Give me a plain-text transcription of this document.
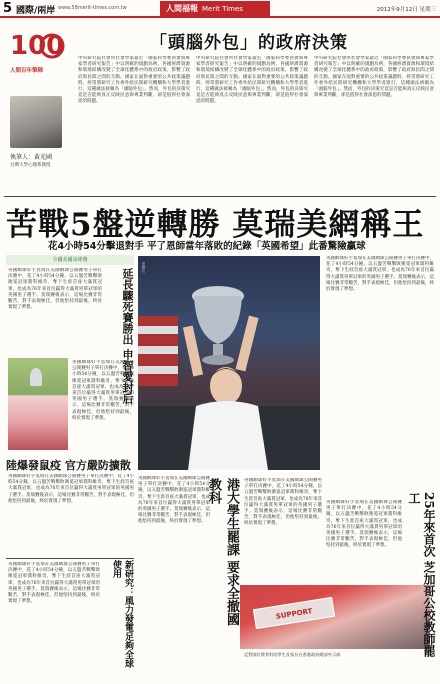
5 國際∕兩岸 www.58merit-times.com.tw	人間福報 Merit Times	2012年9月12日 星期三
100
人間百年筆陣
「頭腦外包」的政府決策
執筆人：黃光國
台灣大學心理系教授
中央研究院社會所社會學家最近「國家科學委員會與專家學者研究報告」中以明確的規劃為例，各國經濟資源和環境結構改變了全球化體系中的政府政策，影響了政府與民間之間的互動。國家在面對重要的公共政策議題時，經常將研究工作委外給民間研究機構和大學學者進行，這種做法被稱為「頭腦外包」。然而，外包的決策究竟是否能夠真正反映民意與專業判斷，卻是值得社會深思的問題。
中央研究院社會所社會學家最近「國家科學委員會與專家學者研究報告」中以明確的規劃為例，各國經濟資源和環境結構改變了全球化體系中的政府政策，影響了政府與民間之間的互動。國家在面對重要的公共政策議題時，經常將研究工作委外給民間研究機構和大學學者進行，這種做法被稱為「頭腦外包」。然而，外包的決策究竟是否能夠真正反映民意與專業判斷，卻是值得社會深思的問題。
中央研究院社會所社會學家最近「國家科學委員會與專家學者研究報告」中以明確的規劃為例，各國經濟資源和環境結構改變了全球化體系中的政府政策，影響了政府與民間之間的互動。國家在面對重要的公共政策議題時，經常將研究工作委外給民間研究機構和大學學者進行，這種做法被稱為「頭腦外包」。然而，外包的決策究竟是否能夠真正反映民意與專業判斷，卻是值得社會深思的問題。
苦戰5盤逆轉勝 莫瑞美網稱王
花4小時54分擊退對手 平了恩師當年落敗的紀錄「英國希望」此番驚險贏球
全國美國高球賽
延長驟死賽勝出 申智愛封后
英國網球好手莫瑞在美國網球公開賽男子單打決賽中，花了4小時54分鐘，以五盤苦戰擊敗衛冕冠軍喬科維奇，奪下生涯首座大滿貫冠軍，也成為76年來首位贏得大滿貫男單冠軍的英國男子選手。莫瑞賽後表示，這場比賽非常艱苦，對手表現極佳，但他堅持到最後，終於實現了夢想。
英國網球好手莫瑞在美國網球公開賽男子單打決賽中，花了4小時54分鐘，以五盤苦戰擊敗衛冕冠軍喬科維奇，奪下生涯首座大滿貫冠軍，也成為76年來首位贏得大滿貫男單冠軍的英國男子選手。莫瑞賽後表示，這場比賽非常艱苦，對手表現極佳，但他堅持到最後，終於實現了夢想。
陸爆發鼠疫 官方嚴防擴散
英國網球好手莫瑞在美國網球公開賽男子單打決賽中，花了4小時54分鐘，以五盤苦戰擊敗衛冕冠軍喬科維奇，奪下生涯首座大滿貫冠軍，也成為76年來首位贏得大滿貫男單冠軍的英國男子選手。莫瑞賽後表示，這場比賽非常艱苦，對手表現極佳，但他堅持到最後，終於實現了夢想。
英國網球好手莫瑞在美國網球公開賽男子單打決賽中，花了4小時54分鐘，以五盤苦戰擊敗衛冕冠軍喬科維奇，奪下生涯首座大滿貫冠軍，也成為76年來首位贏得大滿貫男單冠軍的英國男子選手。莫瑞賽後表示，這場比賽非常艱苦，對手表現極佳，但他堅持到最後，終於實現了夢想。	新研究：風力發電足夠全球使用
美聯社
英國網球好手莫瑞在美國網球公開賽男子單打決賽中，花了4小時54分鐘，以五盤苦戰擊敗衛冕冠軍喬科維奇，奪下生涯首座大滿貫冠軍，也成為76年來首位贏得大滿貫男單冠軍的英國男子選手。莫瑞賽後表示，這場比賽非常艱苦，對手表現極佳，但他堅持到最後，終於實現了夢想。
英國網球好手莫瑞在美國網球公開賽男子單打決賽中，花了4小時54分鐘，以五盤苦戰擊敗衛冕冠軍喬科維奇，奪下生涯首座大滿貫冠軍，也成為76年來首位贏得大滿貫男單冠軍的英國男子選手。莫瑞賽後表示，這場比賽非常艱苦，對手表現極佳，但他堅持到最後，終於實現了夢想。
英國網球好手莫瑞在美國網球公開賽男子單打決賽中，花了4小時54分鐘，以五盤苦戰擊敗衛冕冠軍喬科維奇，奪下生涯首座大滿貫冠軍，也成為76年來首位贏得大滿貫男單冠軍的英國男子選手。莫瑞賽後表示，這場比賽非常艱苦，對手表現極佳，但他堅持到最後，終於實現了夢想。
港大學生罷課 要求全撤國教科	英國網球好手莫瑞在美國網球公開賽男子單打決賽中，花了4小時54分鐘，以五盤苦戰擊敗衛冕冠軍喬科維奇，奪下生涯首座大滿貫冠軍，也成為76年來首位贏得大滿貫男單冠軍的英國男子選手。莫瑞賽後表示，這場比賽非常艱苦，對手表現極佳，但他堅持到最後，終於實現了夢想。
SUPPORT
反對國民教育科的學生及家長在香港政府總部外示威	25年來首次 芝加哥公校教師罷工
